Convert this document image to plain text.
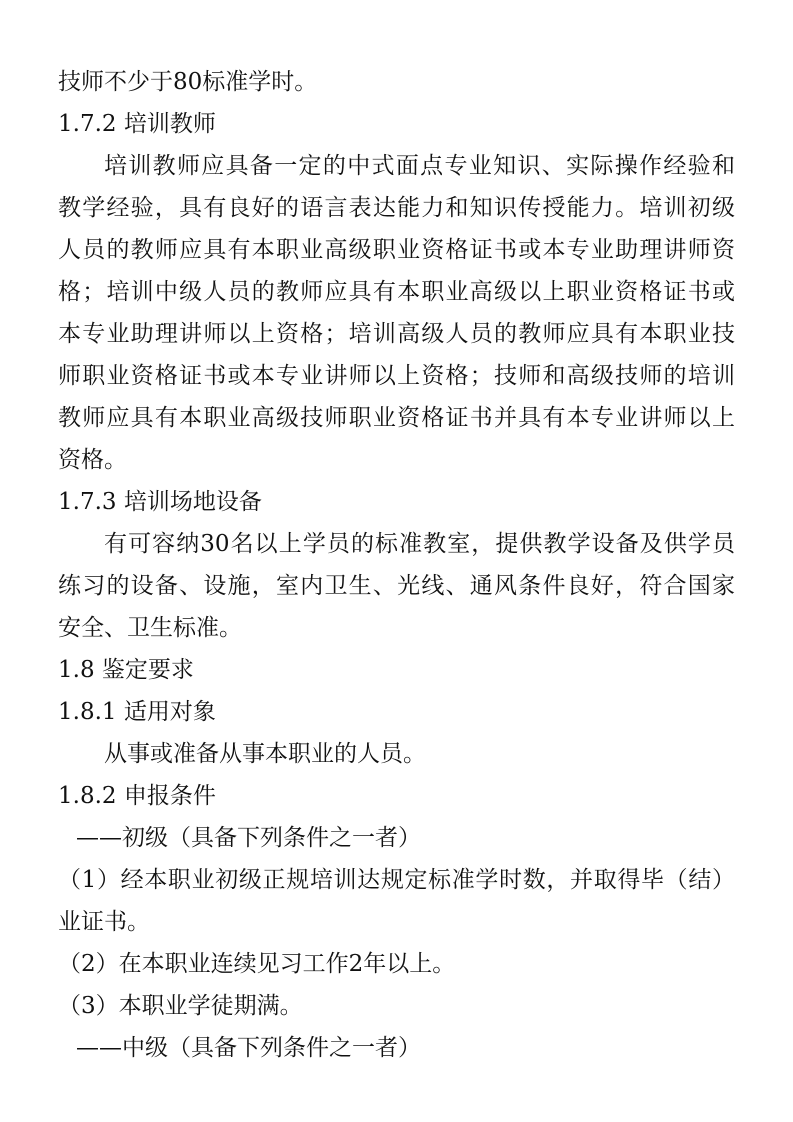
技师不少于80标准学时。
1.7.2 培训教师
培训教师应具备一定的中式面点专业知识、实际操作经验和
教学经验，具有良好的语言表达能力和知识传授能力。培训初级
人员的教师应具有本职业高级职业资格证书或本专业助理讲师资
格；培训中级人员的教师应具有本职业高级以上职业资格证书或
本专业助理讲师以上资格；培训高级人员的教师应具有本职业技
师职业资格证书或本专业讲师以上资格；技师和高级技师的培训
教师应具有本职业高级技师职业资格证书并具有本专业讲师以上
资格。
1.7.3 培训场地设备
有可容纳30名以上学员的标准教室，提供教学设备及供学员
练习的设备、设施，室内卫生、光线、通风条件良好，符合国家
安全、卫生标准。
1.8 鉴定要求
1.8.1 适用对象
从事或准备从事本职业的人员。
1.8.2 申报条件
——初级（具备下列条件之一者）
（1）经本职业初级正规培训达规定标准学时数，并取得毕（结）
业证书。
（2）在本职业连续见习工作2年以上。
（3）本职业学徒期满。
——中级（具备下列条件之一者）
